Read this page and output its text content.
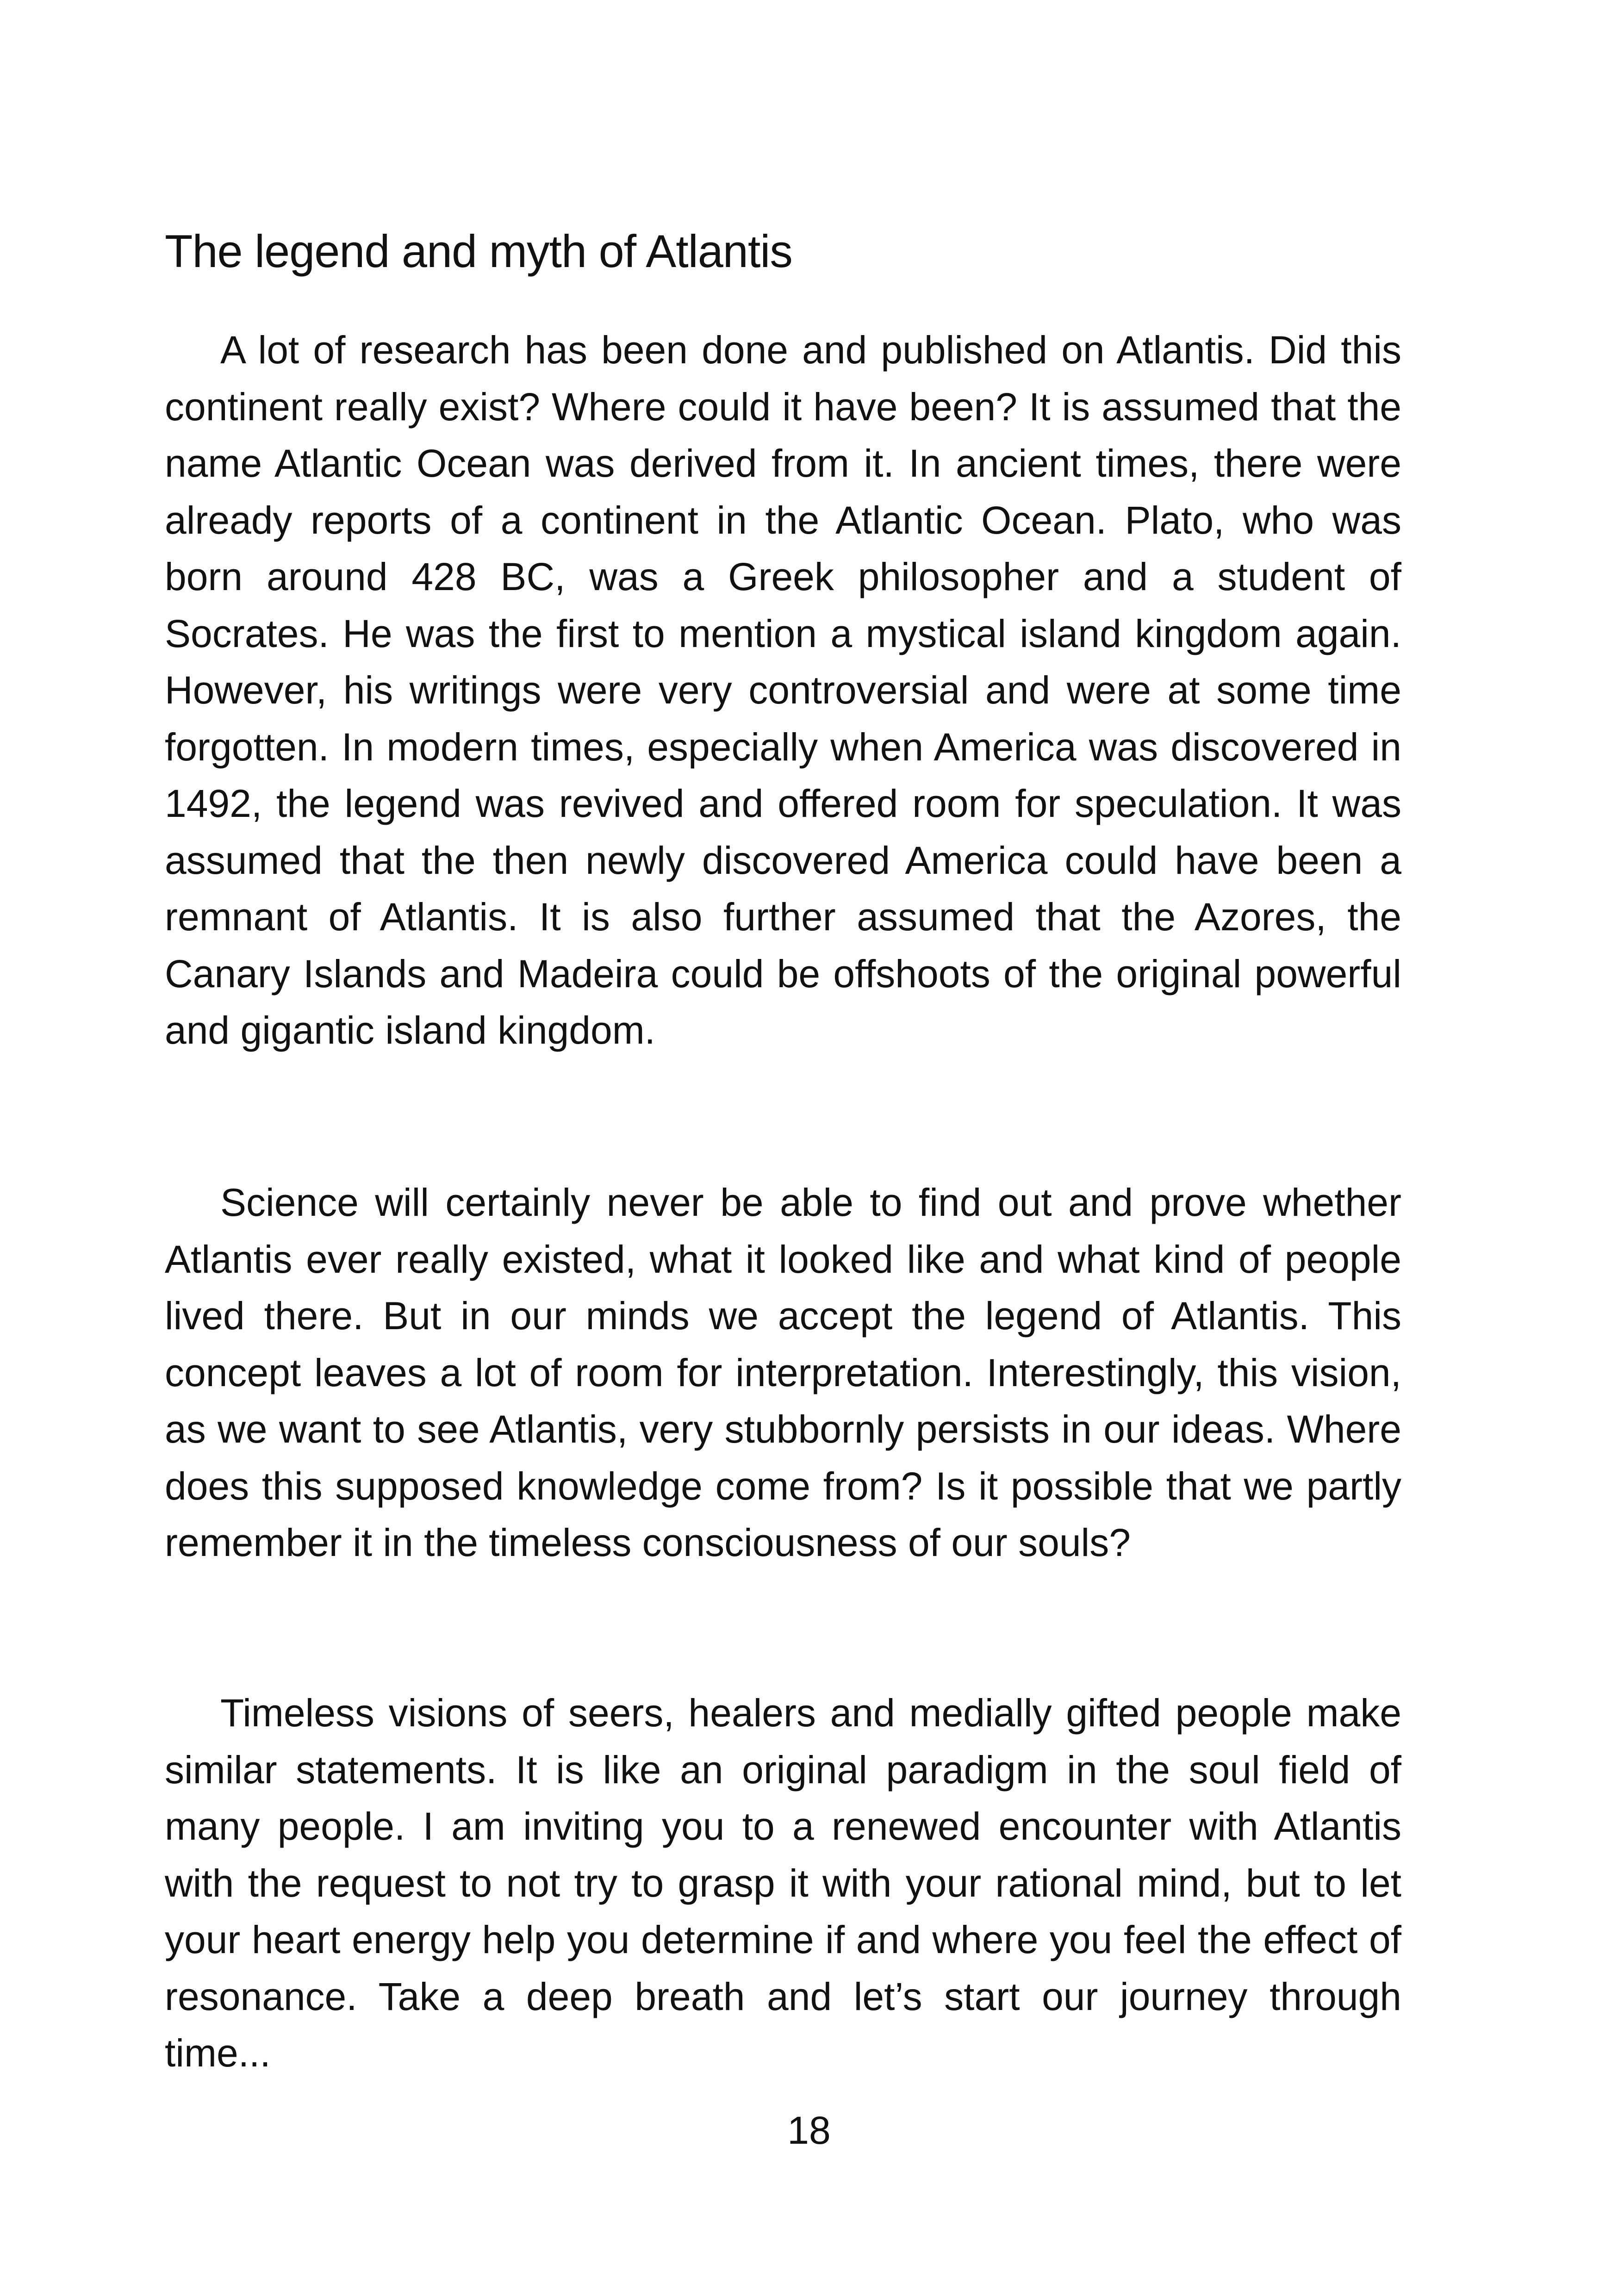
The legend and myth of Atlantis

A lot of research has been done and published on Atlantis. Did this continent really exist? Where could it have been? It is assumed that the name Atlantic Ocean was derived from it. In ancient times, there were already reports of a continent in the Atlantic Ocean. Plato, who was born around 428 BC, was a Greek philosopher and a student of Socrates. He was the first to mention a mystical island kingdom again. However, his writings were very controversial and were at some time forgotten. In modern times, especially when America was discovered in 1492, the legend was revived and offered room for speculation. It was assumed that the then newly discovered America could have been a remnant of Atlantis. It is also further assumed that the Azores, the Canary Islands and Madeira could be offshoots of the original powerful and gigantic island kingdom.

Science will certainly never be able to find out and prove whether Atlantis ever really existed, what it looked like and what kind of people lived there. But in our minds we accept the legend of Atlantis. This concept leaves a lot of room for interpretation. Interestingly, this vision, as we want to see Atlantis, very stubbornly persists in our ideas. Where does this supposed knowledge come from? Is it possible that we partly remember it in the timeless consciousness of our souls?

Timeless visions of seers, healers and medially gifted people make similar statements. It is like an original paradigm in the soul field of many people. I am inviting you to a renewed encounter with Atlantis with the request to not try to grasp it with your rational mind, but to let your heart energy help you determine if and where you feel the effect of resonance. Take a deep breath and let’s start our journey through time...

18
